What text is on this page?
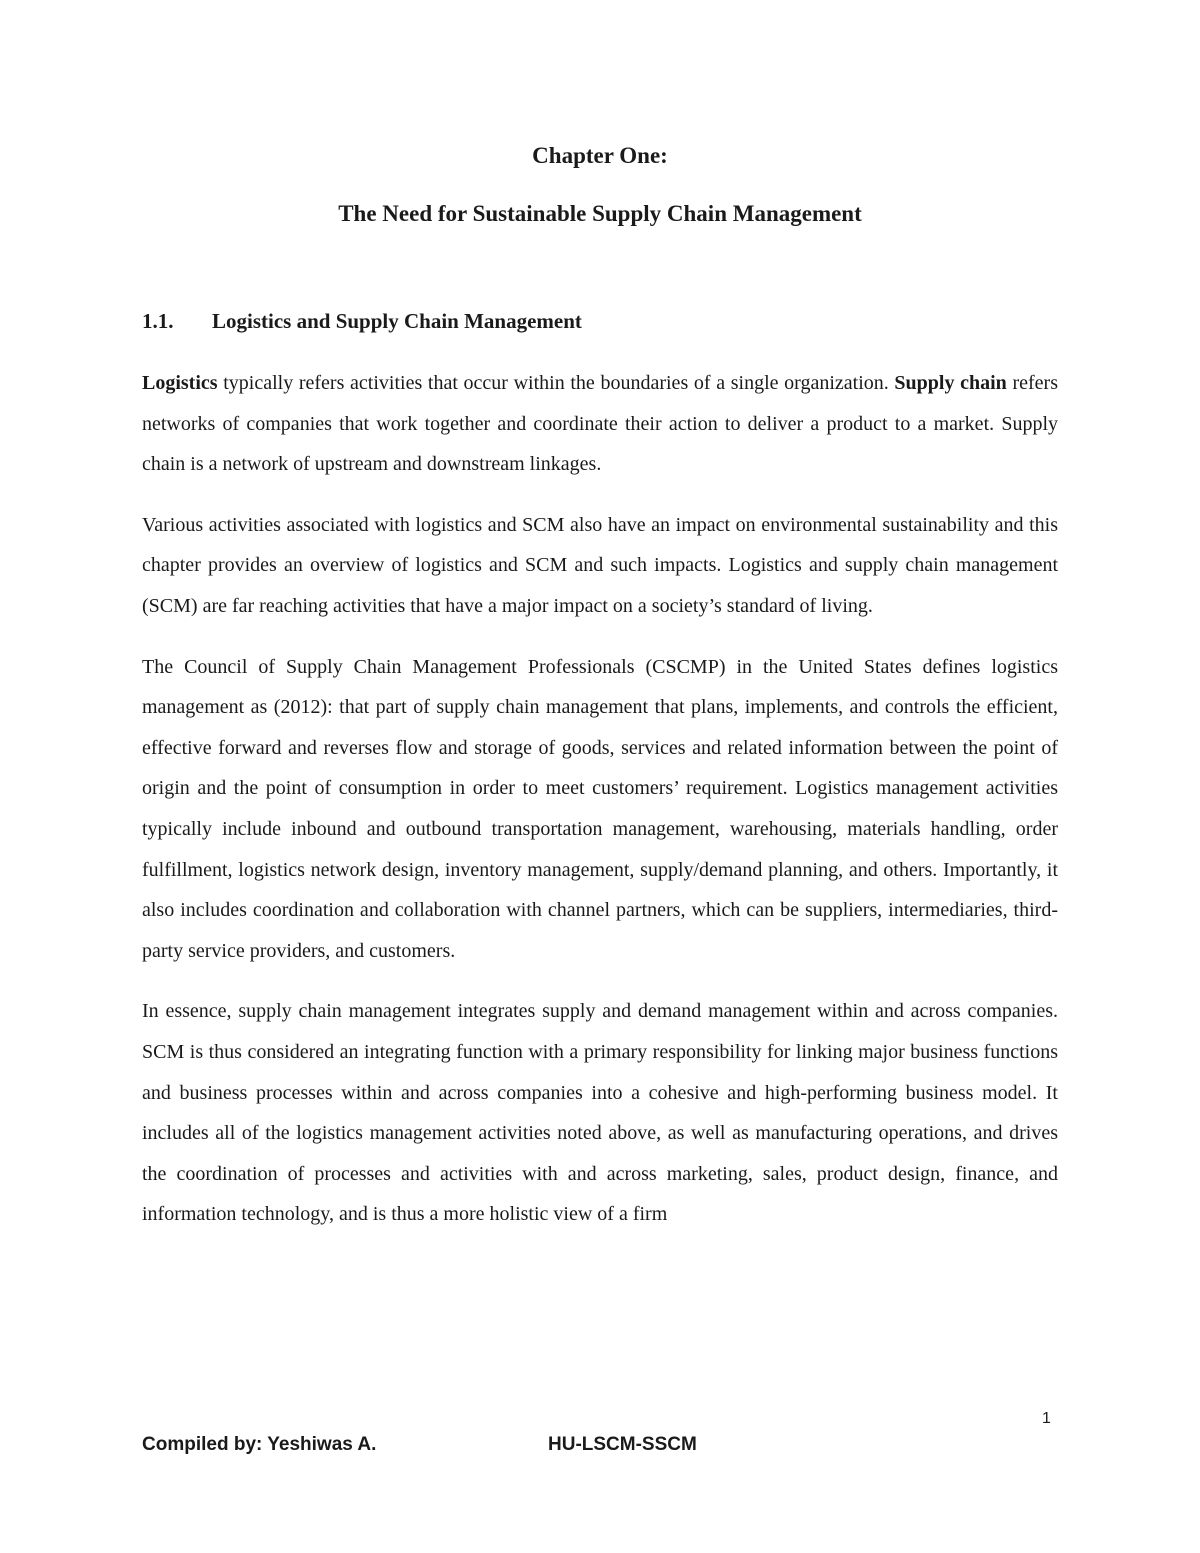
Chapter One:
The Need for Sustainable Supply Chain Management
1.1. Logistics and Supply Chain Management

Logistics typically refers activities that occur within the boundaries of a single organization. Supply chain refers networks of companies that work together and coordinate their action to deliver a product to a market. Supply chain is a network of upstream and downstream linkages.

Various activities associated with logistics and SCM also have an impact on environmental sustainability and this chapter provides an overview of logistics and SCM and such impacts. Logistics and supply chain management (SCM) are far reaching activities that have a major impact on a society’s standard of living.

The Council of Supply Chain Management Professionals (CSCMP) in the United States defines logistics management as (2012): that part of supply chain management that plans, implements, and controls the efficient, effective forward and reverses flow and storage of goods, services and related information between the point of origin and the point of consumption in order to meet customers’ requirement. Logistics management activities typically include inbound and outbound transportation management, warehousing, materials handling, order fulfillment, logistics network design, inventory management, supply/demand planning, and others. Importantly, it also includes coordination and collaboration with channel partners, which can be suppliers, intermediaries, third-party service providers, and customers.

In essence, supply chain management integrates supply and demand management within and across companies. SCM is thus considered an integrating function with a primary responsibility for linking major business functions and business processes within and across companies into a cohesive and high-performing business model. It includes all of the logistics management activities noted above, as well as manufacturing operations, and drives the coordination of processes and activities with and across marketing, sales, product design, finance, and information technology, and is thus a more holistic view of a firm

1
Compiled by: Yeshiwas A.	HU-LSCM-SSCM
